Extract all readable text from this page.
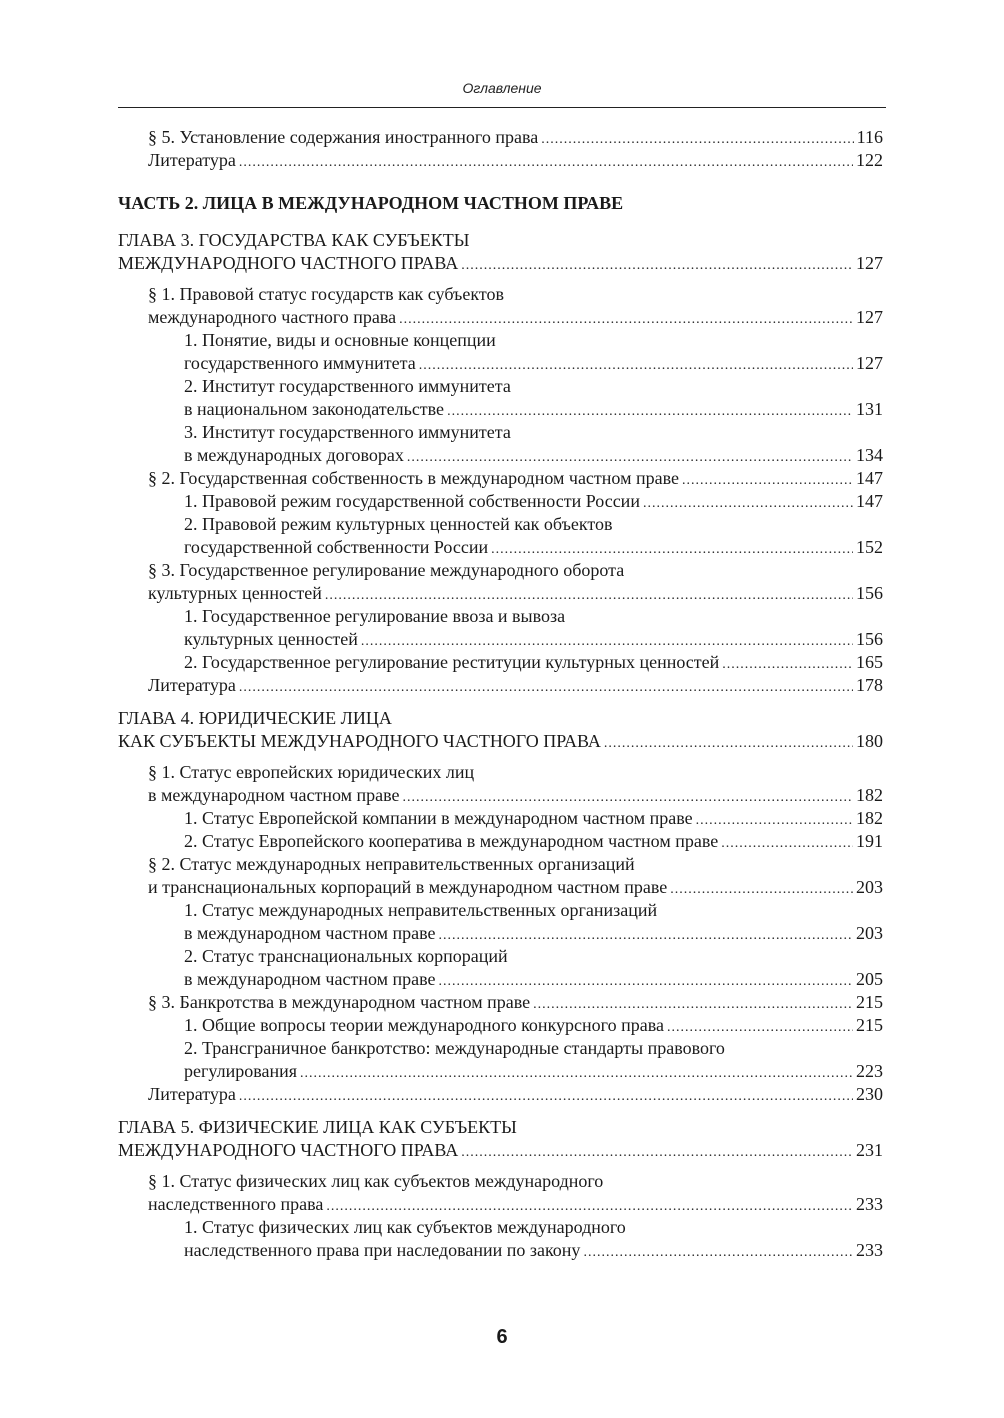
Оглавление
§ 5. Установление содержания иностранного права .....	116
Литература .....	122
ЧАСТЬ 2. ЛИЦА В МЕЖДУНАРОДНОМ ЧАСТНОМ ПРАВЕ
ГЛАВА 3. ГОСУДАРСТВА КАК СУБЪЕКТЫ
МЕЖДУНАРОДНОГО ЧАСТНОГО ПРАВА .....	127
§ 1. Правовой статус государств как субъектов
международного частного права .....	127
1. Понятие, виды и основные концепции
государственного иммунитета .....	127
2. Институт государственного иммунитета
в национальном законодательстве .....	131
3. Институт государственного иммунитета
в международных договорах .....	134
§ 2. Государственная собственность в международном частном праве .....	147
1. Правовой режим государственной собственности России .....	147
2. Правовой режим культурных ценностей как объектов
государственной собственности России .....	152
§ 3. Государственное регулирование международного оборота
культурных ценностей .....	156
1. Государственное регулирование ввоза и вывоза
культурных ценностей .....	156
2. Государственное регулирование реституции культурных ценностей .....	165
Литература .....	178
ГЛАВА 4. ЮРИДИЧЕСКИЕ ЛИЦА
КАК СУБЪЕКТЫ МЕЖДУНАРОДНОГО ЧАСТНОГО ПРАВА .....	180
§ 1. Статус европейских юридических лиц
в международном частном праве .....	182
1. Статус Европейской компании в международном частном праве .....	182
2. Статус Европейского кооператива в международном частном праве .....	191
§ 2. Статус международных неправительственных организаций
и транснациональных корпораций в международном частном праве .....	203
1. Статус международных неправительственных организаций
в международном частном праве .....	203
2. Статус транснациональных корпораций
в международном частном праве .....	205
§ 3. Банкротства в международном частном праве .....	215
1. Общие вопросы теории международного конкурсного права .....	215
2. Трансграничное банкротство: международные стандарты правового
регулирования .....	223
Литература .....	230
ГЛАВА 5. ФИЗИЧЕСКИЕ ЛИЦА КАК СУБЪЕКТЫ
МЕЖДУНАРОДНОГО ЧАСТНОГО ПРАВА .....	231
§ 1. Статус физических лиц как субъектов международного
наследственного права .....	233
1. Статус физических лиц как субъектов международного
наследственного права при наследовании по закону .....	233
6
